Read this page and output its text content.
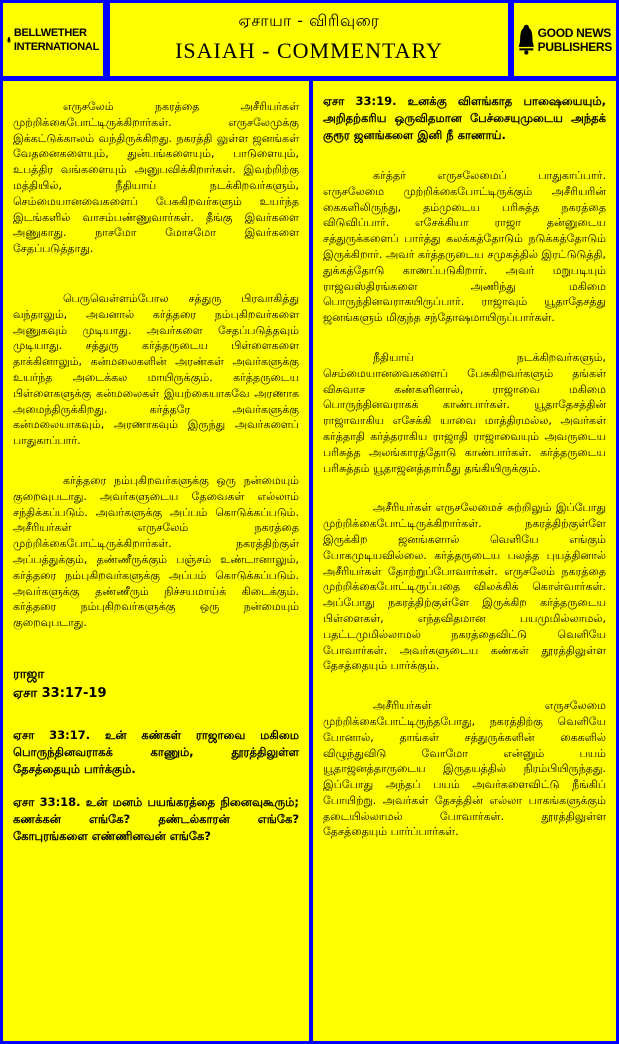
BELLWETHER
INTERNATIONAL
ஏசாயா - விரிவுரை
ISAIAH - COMMENTARY
GOOD NEWS
PUBLISHERS

எருசலேம் நகரத்தை அசீரியர்கள் முற்றிக்கைபோட்டிருக்கிறார்கள். எருசலேமுக்கு இக்கட்டுக்காலம் வந்திருக்கிறது. நகரத்தி லுள்ள ஜனங்கள் வேதனைகளையும், துன்பங்களையும், பாடுளையும், உபத்திர வங்களையும் அனுபவிக்கிறார்கள். இவற்றிற்கு மத்தியில், நீதியாய் நடக்கிறவர்களும், செம்மையானவைகளைப் பேசுகிறவர்களும் உயர்ந்த இடங்களில் வாசம்பண்ணுவார்கள். தீங்கு இவர்களை அணுகாது. நாசமோ மோசமோ இவர்களை சேதப்படுத்தாது.

பெருவெள்ளம்போல சத்துரு பிரவாகித்து வந்தாலும், அவனால் கர்த்தரை நம்புகிறவர்களை அணுகவும் முடியாது. அவர்களை சேதப்படுத்தவும் முடியாது. சத்துரு கர்த்தருடைய பிள்ளைகளை தாக்கினாலும், கன்மலைகளின் அரண்கள் அவர்களுக்கு உயர்ந்த அடைக்கல மாயிருக்கும். கர்த்தருடைய பிள்ளைகளுக்கு கன்மலைகள் இயற்கையாகவே அரணாக அமைந்திருக்கிறது. கர்த்தரே அவர்களுக்கு கன்மலையாகவும், அரணாகவும் இருந்து அவர்களைப் பாதுகாப்பார்.

கர்த்தரை நம்புகிறவர்களுக்கு ஒரு நன்மையும் குறைவுபடாது. அவர்களுடைய தேவைகள் எல்லாம் சந்திக்கப்படும். அவர்களுக்கு அப்பம் கொடுக்கப்படும். அசீரியர்கள் எருசலேம் நகரத்தை முற்றிக்கைபோட்டிருக்கிறார்கள். நகரத்திற்குள் அப்பத்துக்கும், தண்ணீருக்கும் பஞ்சம் உண்டானாலும், கர்த்தரை நம்புகிறவர்களுக்கு அப்பம் கொடுக்கப்படும். அவர்களுக்கு தண்ணீரும் நிச்சயமாய்க் கிடைக்கும். கர்த்தரை நம்புகிறவர்களுக்கு ஒரு நன்மையும் குறைவுபடாது.

ராஜா
ஏசா 33:17-19
ஏசா 33:17. உன் கண்கள் ராஜாவை மகிமை பொருந்தினவராகக் காணும், தூரத்திலுள்ள தேசத்தையும் பார்க்கும்.
ஏசா 33:18. உன் மனம் பயங்கரத்தை நினைவுகூரும்; கணக்கன் எங்கே? தண்டல்காரன் எங்கே? கோபுரங்களை எண்ணினவன் எங்கே?
ஏசா 33:19. உனக்கு விளங்காத பாஷையையும், அறிதற்கரிய ஒருவிதமான பேச்சையுமுடைய அந்தக் குரூர ஜனங்களை இனி நீ காணாய்.

கர்த்தர் எருசலேமைப் பாதுகாப்பார். எருசலேமை முற்றிக்கைபோட்டிருக்கும் அசீரியரின் கைகளிலிருந்து, தம்முடைய பரிசுத்த நகரத்தை விடுவிப்பார். எசேக்கியா ராஜா தன்னுடைய சத்துருக்களைப் பார்த்து கலக்கத்தோடும் நடுக்கத்தோடும் இருக்கிறார். அவர் கர்த்தருடைய சமுகத்தில் இரட்டுடுத்தி, துக்கத்தோடு காணப்படுகிறார். அவர் மறுபடியும் ராஜவஸ்திரங்களை அணிந்து மகிமை பொருந்தினவராகயிருப்பார். ராஜாவும் யூதாதேசத்து ஜனங்களும் மிகுந்த சந்தோஷமாயிருப்பார்கள்.

நீதியாய் நடக்கிறவர்களும், செம்மையானவைகளைப் பேசுகிறவர்களும் தங்கள் விசுவாச கண்களினால், ராஜாவை மகிமை பொருந்தினவராகக் காண்பார்கள். யூதாதேசத்தின் ராஜாவாகிய எசேக்கி யாவை மாத்திரமல்ல, அவர்கள் கர்த்தாதி கர்த்தராகிய ராஜாதி ராஜாவையும் அவருடைய பரிசுத்த அலங்காரத்தோடு காண்பார்கள். கர்த்தருடைய பரிசுத்தம் யூதாஜனத்தார்மீது தங்கியிருக்கும்.

அசீரியர்கள் எருசலேமைச் சுற்றிலும் இப்போது முற்றிக்கைபோட்டிருக்கிறார்கள். நகரத்திற்குள்ளே இருக்கிற ஜனங்களால் வெளியே எங்கும் போகமுடியவில்லை. கர்த்தருடைய பலத்த புயத்தினால் அசீரியர்கள் தோற்றுப்போவார்கள். எருசலேம் நகரத்தை முற்றிக்கைபோட்டிருப்பதை விலக்கிக் கொள்வார்கள். அப்போது நகரத்திற்குள்ளே இருக்கிற கர்த்தருடைய பிள்ளைகள், எந்தவிதமான பயமுமில்லாமல், பதட்டமுமில்லாமல் நகரத்தைவிட்டு வெளியே போவார்கள். அவர்களுடைய கண்கள் தூரத்திலுள்ள தேசத்தையும் பார்க்கும்.

அசீரியர்கள் எருசலேமை முற்றிக்கைபோட்டிருந்தபோது, நகரத்திற்கு வெளியே போனால், தாங்கள் சத்துருக்களின் கைகளில் விழுந்துவிடு வோமோ என்னும் பயம் யூதாஜனத்தாருடைய இருதயத்தில் நிரம்பியிருந்தது. இப்போது அந்தப் பயம் அவர்களைவிட்டு நீங்கிப் போயிற்று. அவர்கள் தேசத்தின் எல்லா பாகங்களுக்கும் தடையில்லாமல் போவார்கள். தூரத்திலுள்ள தேசத்தையும் பார்ப்பார்கள்.
